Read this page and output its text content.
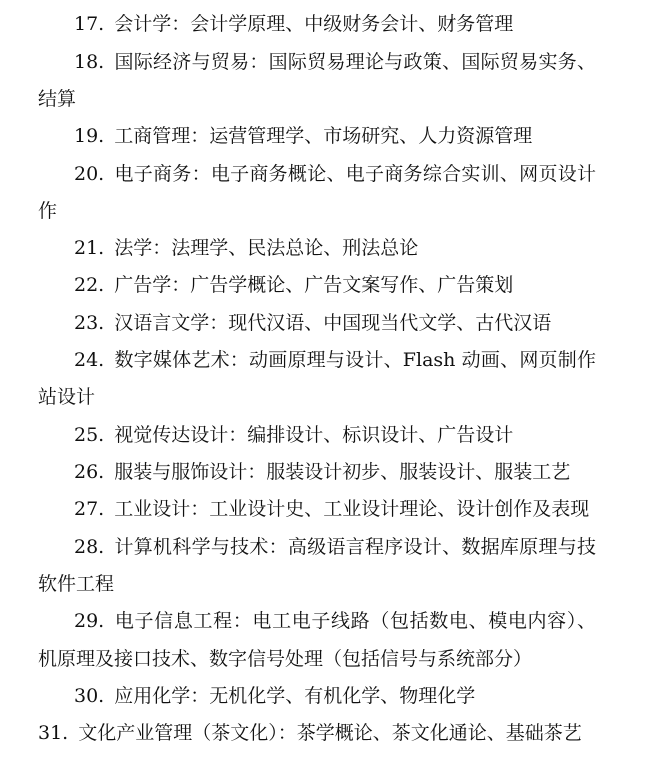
17. 会计学：会计学原理、中级财务会计、财务管理
18. 国际经济与贸易：国际贸易理论与政策、国际贸易实务、
结算
19. 工商管理：运营管理学、市场研究、人力资源管理
20. 电子商务：电子商务概论、电子商务综合实训、网页设计
作
21. 法学：法理学、民法总论、刑法总论
22. 广告学：广告学概论、广告文案写作、广告策划
23. 汉语言文学：现代汉语、中国现当代文学、古代汉语
24. 数字媒体艺术：动画原理与设计、Flash 动画、网页制作
站设计
25. 视觉传达设计：编排设计、标识设计、广告设计
26. 服装与服饰设计：服装设计初步、服装设计、服装工艺
27. 工业设计：工业设计史、工业设计理论、设计创作及表现
28. 计算机科学与技术：高级语言程序设计、数据库原理与技
软件工程
29. 电子信息工程：电工电子线路（包括数电、模电内容）、
机原理及接口技术、数字信号处理（包括信号与系统部分）
30. 应用化学：无机化学、有机化学、物理化学
31. 文化产业管理（茶文化）：茶学概论、茶文化通论、基础茶艺
